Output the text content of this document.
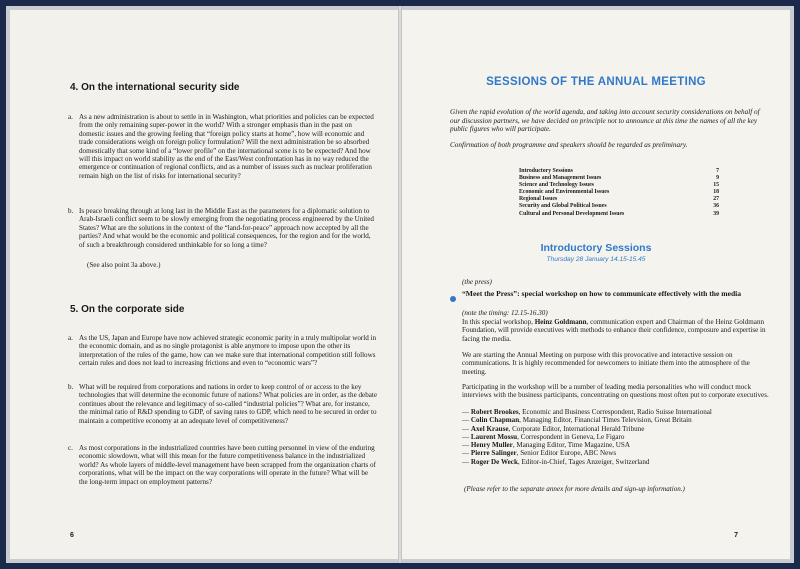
4. On the international security side
a. As a new administration is about to settle in in Washington, what priorities and policies can be expected from the only remaining super-power in the world? With a stronger emphasis than in the past on domestic issues and the growing feeling that “foreign policy starts at home”, how will economic and trade considerations weigh on foreign policy formulation? Will the next administration be so absorbed domestically that some kind of a “lower profile” on the international scene is to be expected? And how will this impact on world stability as the end of the East/West confrontation has in no way reduced the emergence or continuation of regional conflicts, and as a number of issues such as nuclear proliferation remain high on the list of risks for international security?
b. Is peace breaking through at long last in the Middle East as the parameters for a diplomatic solution to Arab-Israeli conflict seem to be slowly emerging from the negotiating process engineered by the United States? What are the solutions in the context of the “land-for-peace” approach now accepted by all the parties? And what would be the economic and political consequences, for the region and for the world, of such a breakthrough considered unthinkable for so long a time?
(See also point 3a above.)
5. On the corporate side
a. As the US, Japan and Europe have now achieved strategic economic parity in a truly multipolar world in the economic domain, and as no single protagonist is able anymore to impose upon the other its interpretation of the rules of the game, how can we make sure that international competition still follows certain rules and does not lead to increasing frictions and even to “economic wars”?
b. What will be required from corporations and nations in order to keep control of or access to the key technologies that will determine the economic future of nations? What policies are in order, as the debate continues about the relevance and legitimacy of so-called “industrial policies”? What are, for instance, the minimal ratio of R&D spending to GDP, of saving rates to GDP, which need to be secured in order to maintain a competitive economy at an adequate level of competitiveness?
c. As most corporations in the industrialized countries have been cutting personnel in view of the enduring economic slowdown, what will this mean for the future competitiveness balance in the industrialized world? As whole layers of middle-level management have been scrapped from the organization charts of corporations, what will be the impact on the way corporations will operate in the future? What will be the long-term impact on employment patterns?
6
SESSIONS OF THE ANNUAL MEETING
Given the rapid evolution of the world agenda, and taking into account security considerations on behalf of our discussion partners, we have decided on principle not to announce at this time the names of all the key public figures who will participate.
Confirmation of both programme and speakers should be regarded as preliminary.
Introductory Sessions	7
Business and Management Issues	9
Science and Technology Issues	15
Economic and Environmental Issues	18
Regional Issues	27
Security and Global Political Issues	36
Cultural and Personal Development Issues	39
Introductory Sessions
Thursday 28 January 14.15-15.45
(the press)
“Meet the Press”: special workshop on how to communicate effectively with the media
(note the timing: 12.15-16.30)
In this special workshop, Heinz Goldmann, communication expert and Chairman of the Heinz Goldmann Foundation, will provide executives with methods to enhance their confidence, composure and expertise in facing the media.
We are starting the Annual Meeting on purpose with this provocative and interactive session on communications. It is highly recommended for newcomers to initiate them into the atmosphere of the meeting.
Participating in the workshop will be a number of leading media personalities who will conduct mock interviews with the business participants, concentrating on questions most often put to corporate executives.
— Robert Brookes, Economic and Business Correspondent, Radio Suisse International
— Colin Chapman, Managing Editor, Financial Times Television, Great Britain
— Axel Krause, Corporate Editor, International Herald Tribune
— Laurent Mossu, Correspondent in Geneva, Le Figaro
— Henry Muller, Managing Editor, Time Magazine, USA
— Pierre Salinger, Senior Editor Europe, ABC News
— Roger De Weck, Editor-in-Chief, Tages Anzeiger, Switzerland
(Please refer to the separate annex for more details and sign-up information.)
7
